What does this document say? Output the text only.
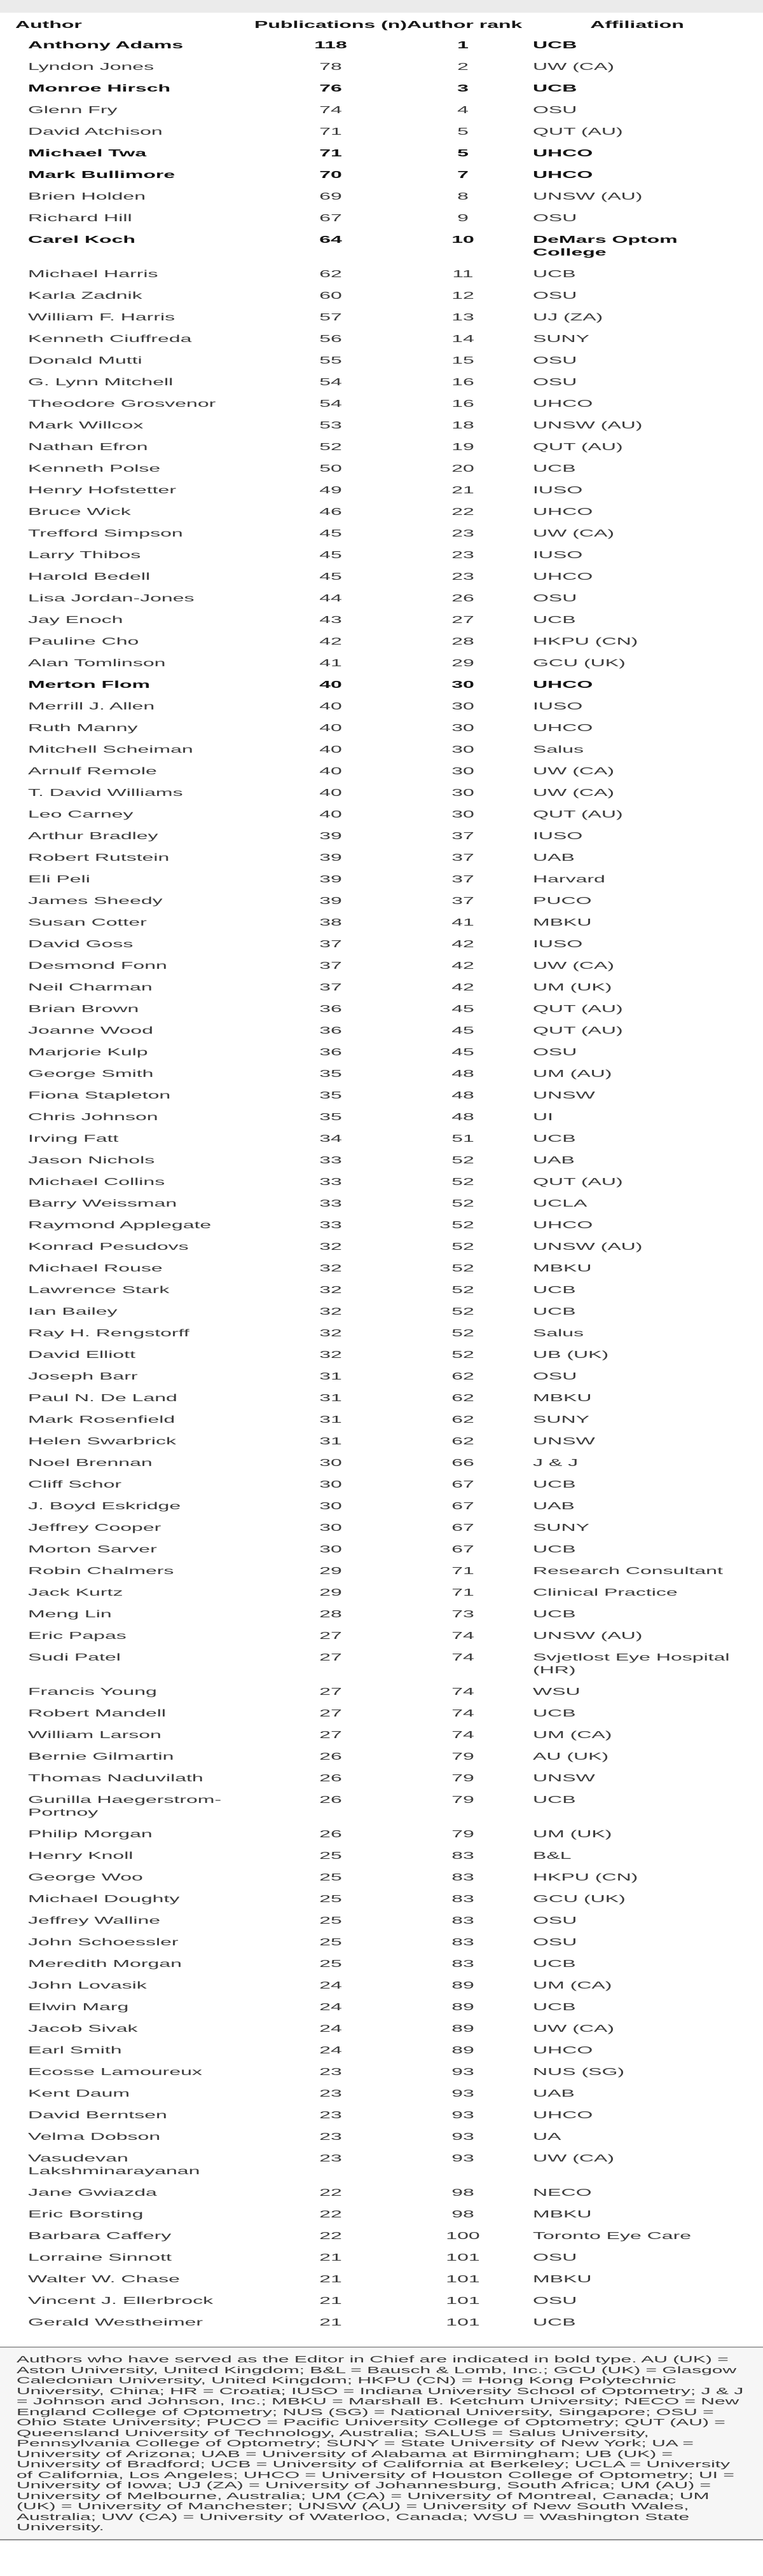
Author	Publications (n)	Author rank	Affiliation
Anthony Adams	118	1	UCB
Lyndon Jones	78	2	UW (CA)
Monroe Hirsch	76	3	UCB
Glenn Fry	74	4	OSU
David Atchison	71	5	QUT (AU)
Michael Twa	71	5	UHCO
Mark Bullimore	70	7	UHCO
Brien Holden	69	8	UNSW (AU)
Richard Hill	67	9	OSU
Carel Koch	64	10	DeMars Optom College
Michael Harris	62	11	UCB
Karla Zadnik	60	12	OSU
William F. Harris	57	13	UJ (ZA)
Kenneth Ciuffreda	56	14	SUNY
Donald Mutti	55	15	OSU
G. Lynn Mitchell	54	16	OSU
Theodore Grosvenor	54	16	UHCO
Mark Willcox	53	18	UNSW (AU)
Nathan Efron	52	19	QUT (AU)
Kenneth Polse	50	20	UCB
Henry Hofstetter	49	21	IUSO
Bruce Wick	46	22	UHCO
Trefford Simpson	45	23	UW (CA)
Larry Thibos	45	23	IUSO
Harold Bedell	45	23	UHCO
Lisa Jordan-Jones	44	26	OSU
Jay Enoch	43	27	UCB
Pauline Cho	42	28	HKPU (CN)
Alan Tomlinson	41	29	GCU (UK)
Merton Flom	40	30	UHCO
Merrill J. Allen	40	30	IUSO
Ruth Manny	40	30	UHCO
Mitchell Scheiman	40	30	Salus
Arnulf Remole	40	30	UW (CA)
T. David Williams	40	30	UW (CA)
Leo Carney	40	30	QUT (AU)
Arthur Bradley	39	37	IUSO
Robert Rutstein	39	37	UAB
Eli Peli	39	37	Harvard
James Sheedy	39	37	PUCO
Susan Cotter	38	41	MBKU
David Goss	37	42	IUSO
Desmond Fonn	37	42	UW (CA)
Neil Charman	37	42	UM (UK)
Brian Brown	36	45	QUT (AU)
Joanne Wood	36	45	QUT (AU)
Marjorie Kulp	36	45	OSU
George Smith	35	48	UM (AU)
Fiona Stapleton	35	48	UNSW
Chris Johnson	35	48	UI
Irving Fatt	34	51	UCB
Jason Nichols	33	52	UAB
Michael Collins	33	52	QUT (AU)
Barry Weissman	33	52	UCLA
Raymond Applegate	33	52	UHCO
Konrad Pesudovs	32	52	UNSW (AU)
Michael Rouse	32	52	MBKU
Lawrence Stark	32	52	UCB
Ian Bailey	32	52	UCB
Ray H. Rengstorff	32	52	Salus
David Elliott	32	52	UB (UK)
Joseph Barr	31	62	OSU
Paul N. De Land	31	62	MBKU
Mark Rosenfield	31	62	SUNY
Helen Swarbrick	31	62	UNSW
Noel Brennan	30	66	J & J
Cliff Schor	30	67	UCB
J. Boyd Eskridge	30	67	UAB
Jeffrey Cooper	30	67	SUNY
Morton Sarver	30	67	UCB
Robin Chalmers	29	71	Research Consultant
Jack Kurtz	29	71	Clinical Practice
Meng Lin	28	73	UCB
Eric Papas	27	74	UNSW (AU)
Sudi Patel	27	74	Svjetlost Eye Hospital (HR)
Francis Young	27	74	WSU
Robert Mandell	27	74	UCB
William Larson	27	74	UM (CA)
Bernie Gilmartin	26	79	AU (UK)
Thomas Naduvilath	26	79	UNSW
Gunilla Haegerstrom-Portnoy	26	79	UCB
Philip Morgan	26	79	UM (UK)
Henry Knoll	25	83	B&L
George Woo	25	83	HKPU (CN)
Michael Doughty	25	83	GCU (UK)
Jeffrey Walline	25	83	OSU
John Schoessler	25	83	OSU
Meredith Morgan	25	83	UCB
John Lovasik	24	89	UM (CA)
Elwin Marg	24	89	UCB
Jacob Sivak	24	89	UW (CA)
Earl Smith	24	89	UHCO
Ecosse Lamoureux	23	93	NUS (SG)
Kent Daum	23	93	UAB
David Berntsen	23	93	UHCO
Velma Dobson	23	93	UA
Vasudevan Lakshminarayanan	23	93	UW (CA)
Jane Gwiazda	22	98	NECO
Eric Borsting	22	98	MBKU
Barbara Caffery	22	100	Toronto Eye Care
Lorraine Sinnott	21	101	OSU
Walter W. Chase	21	101	MBKU
Vincent J. Ellerbrock	21	101	OSU
Gerald Westheimer	21	101	UCB
Authors who have served as the Editor in Chief are indicated in bold type. AU (UK) = Aston University, United Kingdom; B&L = Bausch & Lomb, Inc.; GCU (UK) = Glasgow Caledonian University, United Kingdom; HKPU (CN) = Hong Kong Polytechnic University, China; HR = Croatia; IUSO = Indiana University School of Optometry; J & J = Johnson and Johnson, Inc.; MBKU = Marshall B. Ketchum University; NECO = New England College of Optometry; NUS (SG) = National University, Singapore; OSU = Ohio State University; PUCO = Pacific University College of Optometry; QUT (AU) = Queensland University of Technology, Australia; SALUS = Salus University, Pennsylvania College of Optometry; SUNY = State University of New York; UA = University of Arizona; UAB = University of Alabama at Birmingham; UB (UK) = University of Bradford; UCB = University of California at Berkeley; UCLA = University of California, Los Angeles; UHCO = University of Houston College of Optometry; UI = University of Iowa; UJ (ZA) = University of Johannesburg, South Africa; UM (AU) = University of Melbourne, Australia; UM (CA) = University of Montreal, Canada; UM (UK) = University of Manchester; UNSW (AU) = University of New South Wales, Australia; UW (CA) = University of Waterloo, Canada; WSU = Washington State University.
